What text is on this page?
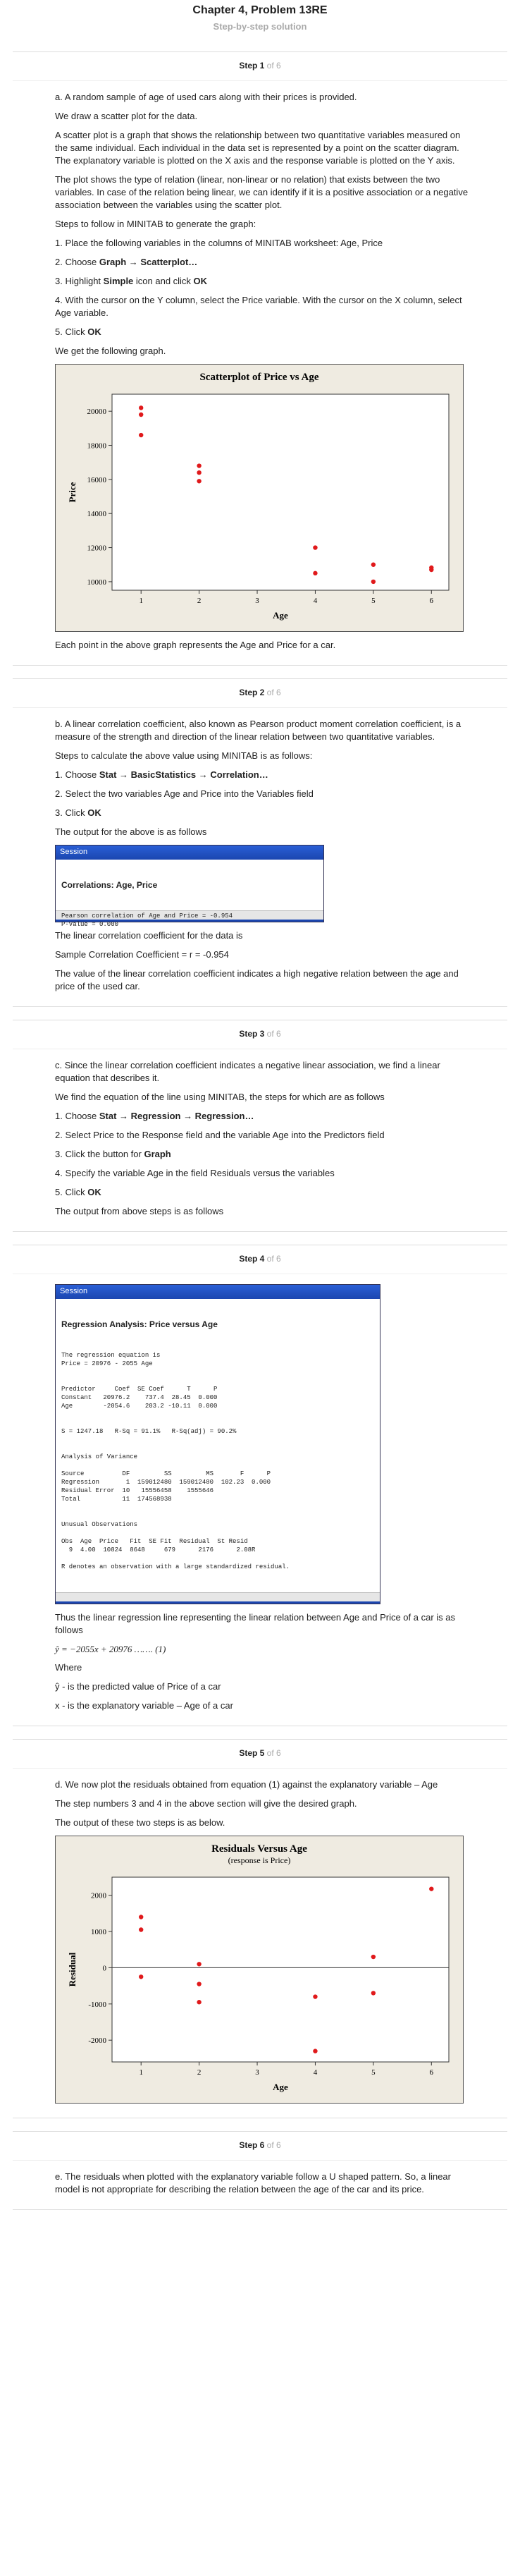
Chapter 4, Problem 13RE
Step-by-step solution
Step 1 of 6

a. A random sample of age of used cars along with their prices is provided.

We draw a scatter plot for the data.

A scatter plot is a graph that shows the relationship between two quantitative variables measured on the same individual. Each individual in the data set is represented by a point on the scatter diagram. The explanatory variable is plotted on the X axis and the response variable is plotted on the Y axis.

The plot shows the type of relation (linear, non-linear or no relation) that exists between the two variables. In case of the relation being linear, we can identify if it is a positive association or a negative association between the variables using the scatter plot.

Steps to follow in MINITAB to generate the graph:

1. Place the following variables in the columns of MINITAB worksheet: Age, Price

2. Choose Graph → Scatterplot…

3. Highlight Simple icon and click OK

4. With the cursor on the Y column, select the Price variable. With the cursor on the X column, select Age variable.

5. Click OK

We get the following graph.

Scatterplot of Price vs Age
1	2	3	4	5	6
10000
12000
14000
16000
18000
20000
Age
Price

Each point in the above graph represents the Age and Price for a car.

Step 2 of 6

b. A linear correlation coefficient, also known as Pearson product moment correlation coefficient, is a measure of the strength and direction of the linear relation between two quantitative variables.

Steps to calculate the above value using MINITAB is as follows:

1. Choose Stat → BasicStatistics → Correlation…

2. Select the two variables Age and Price into the Variables field

3. Click OK

The output for the above is as follows

Session

Correlations: Age, Price

Pearson correlation of Age and Price = -0.954
P-Value = 0.000

The linear correlation coefficient for the data is

Sample Correlation Coefficient = r = -0.954

The value of the linear correlation coefficient indicates a high negative relation between the age and price of the used car.

Step 3 of 6

c. Since the linear correlation coefficient indicates a negative linear association, we find a linear equation that describes it.

We find the equation of the line using MINITAB, the steps for which are as follows

1. Choose Stat → Regression → Regression…

2. Select Price to the Response field and the variable Age into the Predictors field

3. Click the button for Graph

4. Specify the variable Age in the field Residuals versus the variables

5. Click OK

The output from above steps is as follows

Step 4 of 6
Session

Regression Analysis: Price versus Age

The regression equation is
Price = 20976 - 2055 Age

Predictor     Coef  SE Coef      T      P
Constant   20976.2    737.4  28.45  0.000
Age        -2054.6    203.2 -10.11  0.000

S = 1247.18   R-Sq = 91.1%   R-Sq(adj) = 90.2%

Analysis of Variance

Source          DF         SS         MS       F      P
Regression       1  159012480  159012480  102.23  0.000
Residual Error  10   15556458    1555646
Total           11  174568938

Unusual Observations

Obs  Age  Price   Fit  SE Fit  Residual  St Resid
9  4.00  10824  8648     679      2176      2.08R

R denotes an observation with a large standardized residual.

Thus the linear regression line representing the linear relation between Age and Price of a car is as follows

ŷ = −2055x + 20976 ……. (1)

Where

ŷ - is the predicted value of Price of a car

x - is the explanatory variable – Age of a car

Step 5 of 6

d. We now plot the residuals obtained from equation (1) against the explanatory variable – Age

The step numbers 3 and 4 in the above section will give the desired graph.

The output of these two steps is as below.

Residuals Versus Age
(response is Price)
1	2	3	4	5	6
-2000
-1000
0
1000
2000
Age
Residual
Step 6 of 6

e. The residuals when plotted with the explanatory variable follow a U shaped pattern. So, a linear model is not appropriate for describing the relation between the age of the car and its price.
